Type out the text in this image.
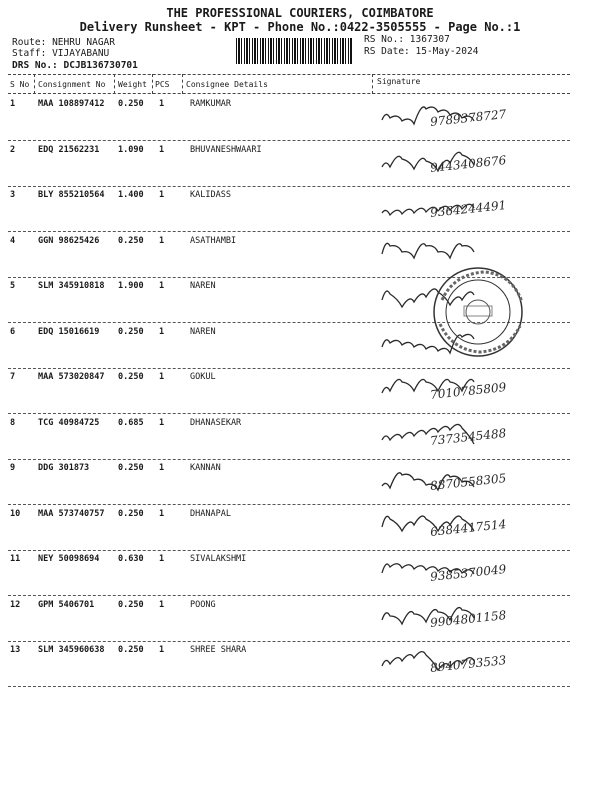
THE PROFESSIONAL COURIERS, COIMBATORE
Delivery Runsheet - KPT - Phone No.:0422-3505555 - Page No.:1
Route: NEHRU NAGAR
Staff: VIJAYABANU
DRS No.: DCJB136730701
RS No.: 1367307
RS Date: 15-May-2024
S No Consignment No Weight PCS Consignee Details	Signature
1	MAA 108897412 0.250 1	RAMKUMAR
9789378727
2	EDQ 21562231 1.090 1	BHUVANESHWAARI
9443408676
3	BLY 855210564 1.400 1	KALIDASS
9364244491
4	GGN 98625426 0.250 1	ASATHAMBI
5	SLM 345910818 1.900 1	NAREN
6	EDQ 15016619 0.250 1	NAREN
7	MAA 573020847 0.250 1	GOKUL
7010785809
8	TCG 40984725 0.685 1	DHANASEKAR
7373545488
9	DDG 301873	0.250 1	KANNAN
8870558305
10 MAA 573740757 0.250 1	DHANAPAL
6384417514
11 NEY 50098694 0.630 1	SIVALAKSHMI
9385370049
12 GPM 5406701	0.250 1	POONG
9904801158
13 SLM 345960638 0.250 1	SHREE SHARA
8940793533
